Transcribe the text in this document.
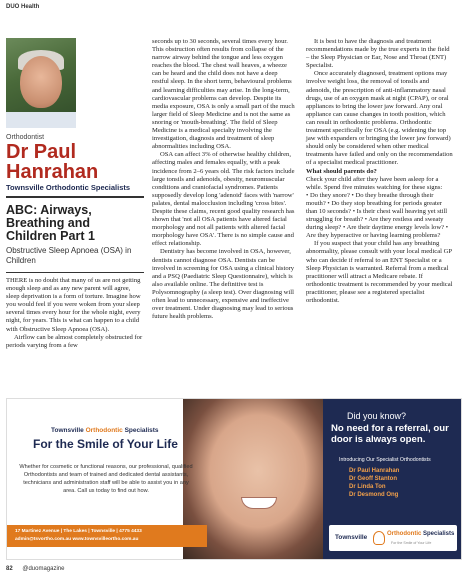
DUO Health
Orthodontist
Dr Paul
Hanrahan
Townsville Orthodontic Specialists
ABC: Airways, Breathing and Children Part 1
Obstructive Sleep Apnoea (OSA) in Children

THERE is no doubt that many of us are not getting enough sleep and as any new parent will agree, sleep deprivation is a form of torture. Imagine how you would feel if you were woken from your sleep several times every hour for the whole night, every night, for years. This is what can happen to a child with Obstructive Sleep Apnoea (OSA).

Airflow can be almost completely obstructed for periods varying from a few

seconds up to 30 seconds, several times every hour. This obstruction often results from collapse of the narrow airway behind the tongue and less oxygen reaches the blood. The chest wall heaves, a wheeze can be heard and the child does not have a deep restful sleep. In the short term, behavioural problems and learning difficulties may arise. In the long-term, cardiovascular problems can develop. Despite its media exposure, OSA is only a small part of the much larger field of Sleep Medicine and is not the same as snoring or 'mouth-breathing'. The field of Sleep Medicine is a medical specialty involving the investigation, diagnosis and treatment of sleep abnormalities including OSA.

OSA can affect 3% of otherwise healthy children, affecting males and females equally, with a peak incidence from 2–6 years old. The risk factors include large tonsils and adenoids, obesity, neuromuscular conditions and craniofacial syndromes. Patients supposedly develop long 'adenoid' faces with 'narrow' palates, dental malocclusion including 'cross bites'. Despite these claims, recent good quality research has shown that 'not all OSA patients have altered facial morphology and not all patients with altered facial morphology have OSA'. There is no simple cause and effect relationship.

Dentistry has become involved in OSA, however, dentists cannot diagnose OSA. Dentists can be involved in screening for OSA using a clinical history and a PSQ (Paediatric Sleep Questionnaire), which is also available online. The definitive test is Polysomnography (a sleep test). Over diagnosing will often lead to unnecessary, expensive and ineffective over treatment. Under diagnosing may lead to serious future health problems.

It is best to have the diagnosis and treatment recommendations made by the true experts in the field – the Sleep Physician or Ear, Nose and Throat (ENT) Specialist.

Once accurately diagnosed, treatment options may involve weight loss, the removal of tonsils and adenoids, the prescription of anti-inflammatory nasal drugs, use of an oxygen mask at night (CPAP), or oral appliances to bring the lower jaw forward. Any oral appliance can cause changes in tooth position, which can result in orthodontic problems. Orthodontic treatment specifically for OSA (e.g. widening the top jaw with expanders or bringing the lower jaw forward) should only be considered when other medical treatments have failed and only on the recommendation of a specialist medical practitioner.

What should parents do?

Check your child after they have been asleep for a while. Spend five minutes watching for these signs:

• Do they snore? • Do they breathe through their mouth? • Do they stop breathing for periods greater than 10 seconds? • Is their chest wall heaving yet still struggling for breath? • Are they restless and sweaty during sleep? • Are their daytime energy levels low? • Are they hyperactive or having learning problems?

If you suspect that your child has any breathing abnormality, please consult with your local medical GP who can decide if referral to an ENT Specialist or a Sleep Physician is warranted. Referral from a medical practitioner will attract a Medicare rebate. If orthodontic treatment is recommended by your medical practitioner, please see a registered specialist orthodontist.

Townsville Orthodontic Specialists
For the Smile of Your Life
Whether for cosmetic or functional reasons, our professional, qualified Orthodontists and team of trained and dedicated dental assistants, technicians and administration staff will be able to assist you in any area. Call us today to find out how.
17 Martinez Avenue | The Lakes | Townsville | 4775 4433
admin@tsvortho.com.au www.townsvilleortho.com.au
Did you know?
No need for a referral, our door is always open.
Introducing Our Specialist Orthodontists
Dr Paul Hanrahan
Dr Geoff Stanton
Dr Linda Ton
Dr Desmond Ong
Townsville	Orthodontic Specialists
For the Smile of Your Life
82 @duomagazine
